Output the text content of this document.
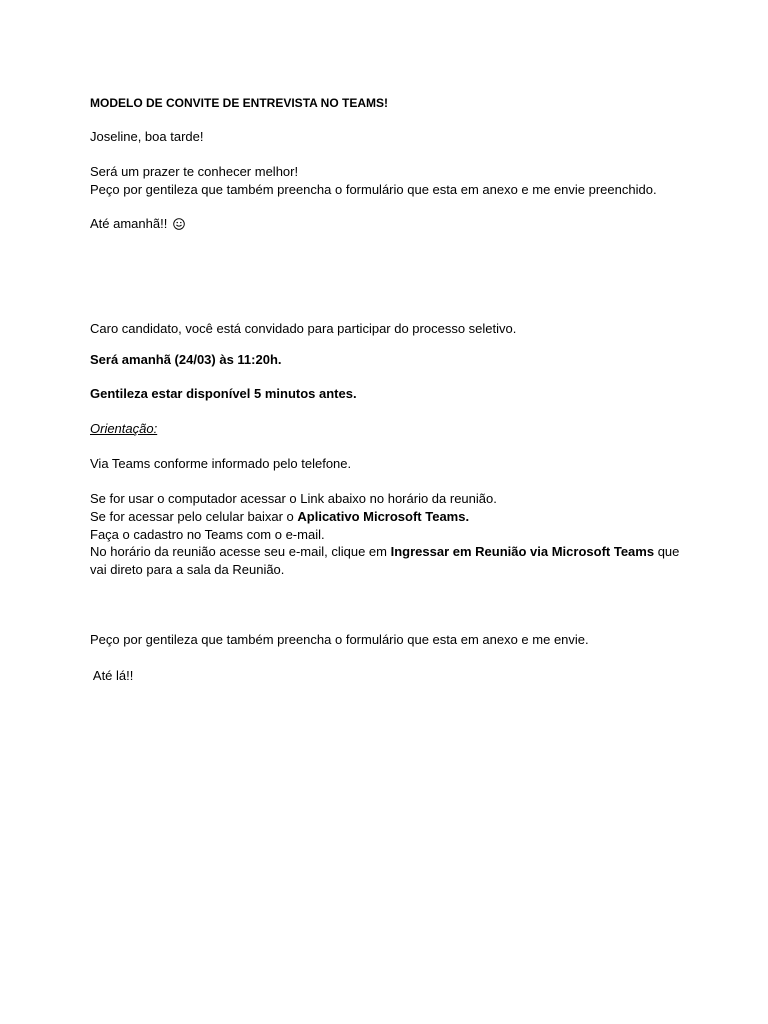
MODELO DE CONVITE DE ENTREVISTA NO TEAMS!
Joseline, boa tarde!
Será um prazer te conhecer melhor!
Peço por gentileza que também preencha o formulário que esta em anexo e me envie preenchido.
Até amanhã!!
Caro candidato, você está convidado para participar do processo seletivo.
Será amanhã (24/03) às 11:20h.
Gentileza estar disponível 5 minutos antes.
Orientação:
Via Teams conforme informado pelo telefone.
Se for usar o computador acessar o Link abaixo no horário da reunião.
Se for acessar pelo celular baixar o Aplicativo Microsoft Teams.
Faça o cadastro no Teams com o e-mail.
No horário da reunião acesse seu e-mail, clique em Ingressar em Reunião via Microsoft Teams que vai direto para a sala da Reunião.
Peço por gentileza que também preencha o formulário que esta em anexo e me envie.
Até lá!!
